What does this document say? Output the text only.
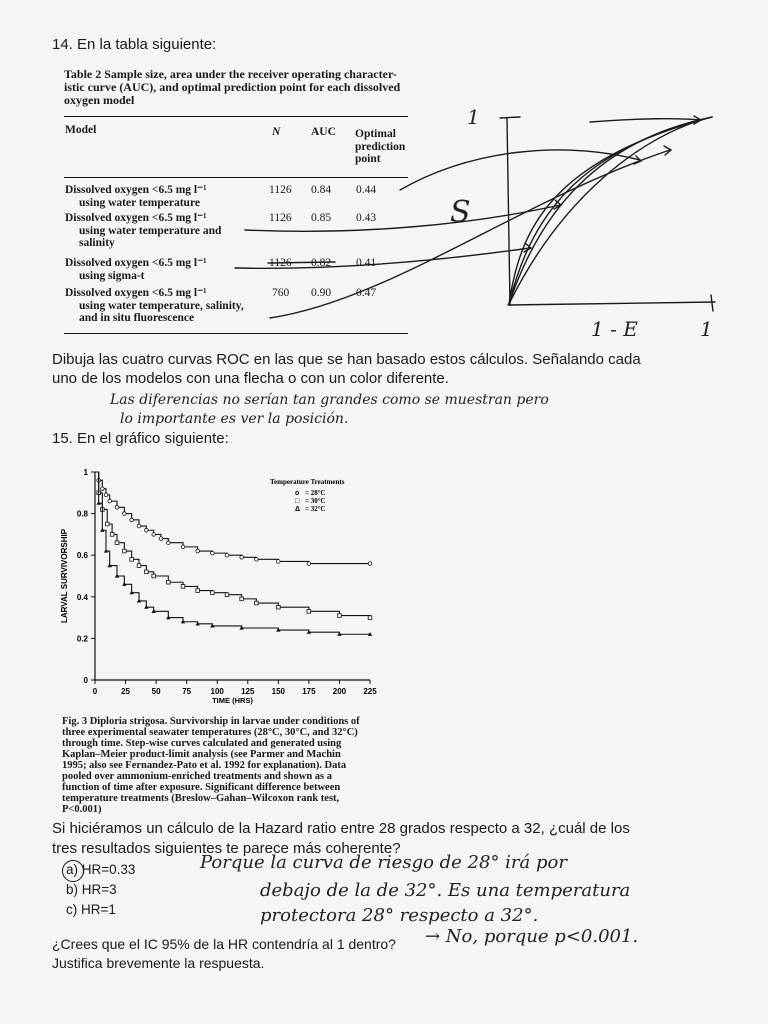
14. En la tabla siguiente:
Table 2 Sample size, area under the receiver operating character-
istic curve (AUC), and optimal prediction point for each dissolved
oxygen model
Model	N	AUC Optimal
prediction
point
Dissolved oxygen <6.5 mg l⁻¹
using water temperature
1126 0.84 0.44
Dissolved oxygen <6.5 mg l⁻¹
using water temperature and
salinity
1126 0.85 0.43
Dissolved oxygen <6.5 mg l⁻¹
using sigma-t
1126 0.82 0.41
Dissolved oxygen <6.5 mg l⁻¹
using water temperature, salinity,
and in situ fluorescence
760 0.90 0.47
1
S
1 - E	1
Dibuja las cuatro curvas ROC en las que se han basado estos cálculos. Señalando cada
uno de los modelos con una flecha o con un color diferente.
Las diferencias no serían tan grandes como se muestran pero
lo importante es ver la posición.
15. En el gráfico siguiente:
0	25	50	75 100 125 150 175 200 225
0
0.2
0.4
0.6
0.8
1
TIME (HRS)
LARVAL SURVIVORSHIP
Temperature Treatments
o = 28°C
□ = 30°C
Δ = 32°C
Fig. 3 Diploria strigosa. Survivorship in larvae under conditions of
three experimental seawater temperatures (28°C, 30°C, and 32°C)
through time. Step-wise curves calculated and generated using
Kaplan–Meier product-limit analysis (see Parmer and Machin
1995; also see Fernandez-Pato et al. 1992 for explanation). Data
pooled over ammonium-enriched treatments and shown as a
function of time after exposure. Significant difference between
temperature treatments (Breslow–Gahan–Wilcoxon rank test,
P<0.001)
Si hiciéramos un cálculo de la Hazard ratio entre 28 grados respecto a 32, ¿cuál de los
tres resultados siguientes te parece más coherente?
a) HR=0.33
b) HR=3
c) HR=1
Porque la curva de riesgo de 28° irá por
debajo de la de 32°. Es una temperatura
protectora 28° respecto a 32°.
¿Crees que el IC 95% de la HR contendría al 1 dentro? → No, porque p<0.001.
Justifica brevemente la respuesta.
